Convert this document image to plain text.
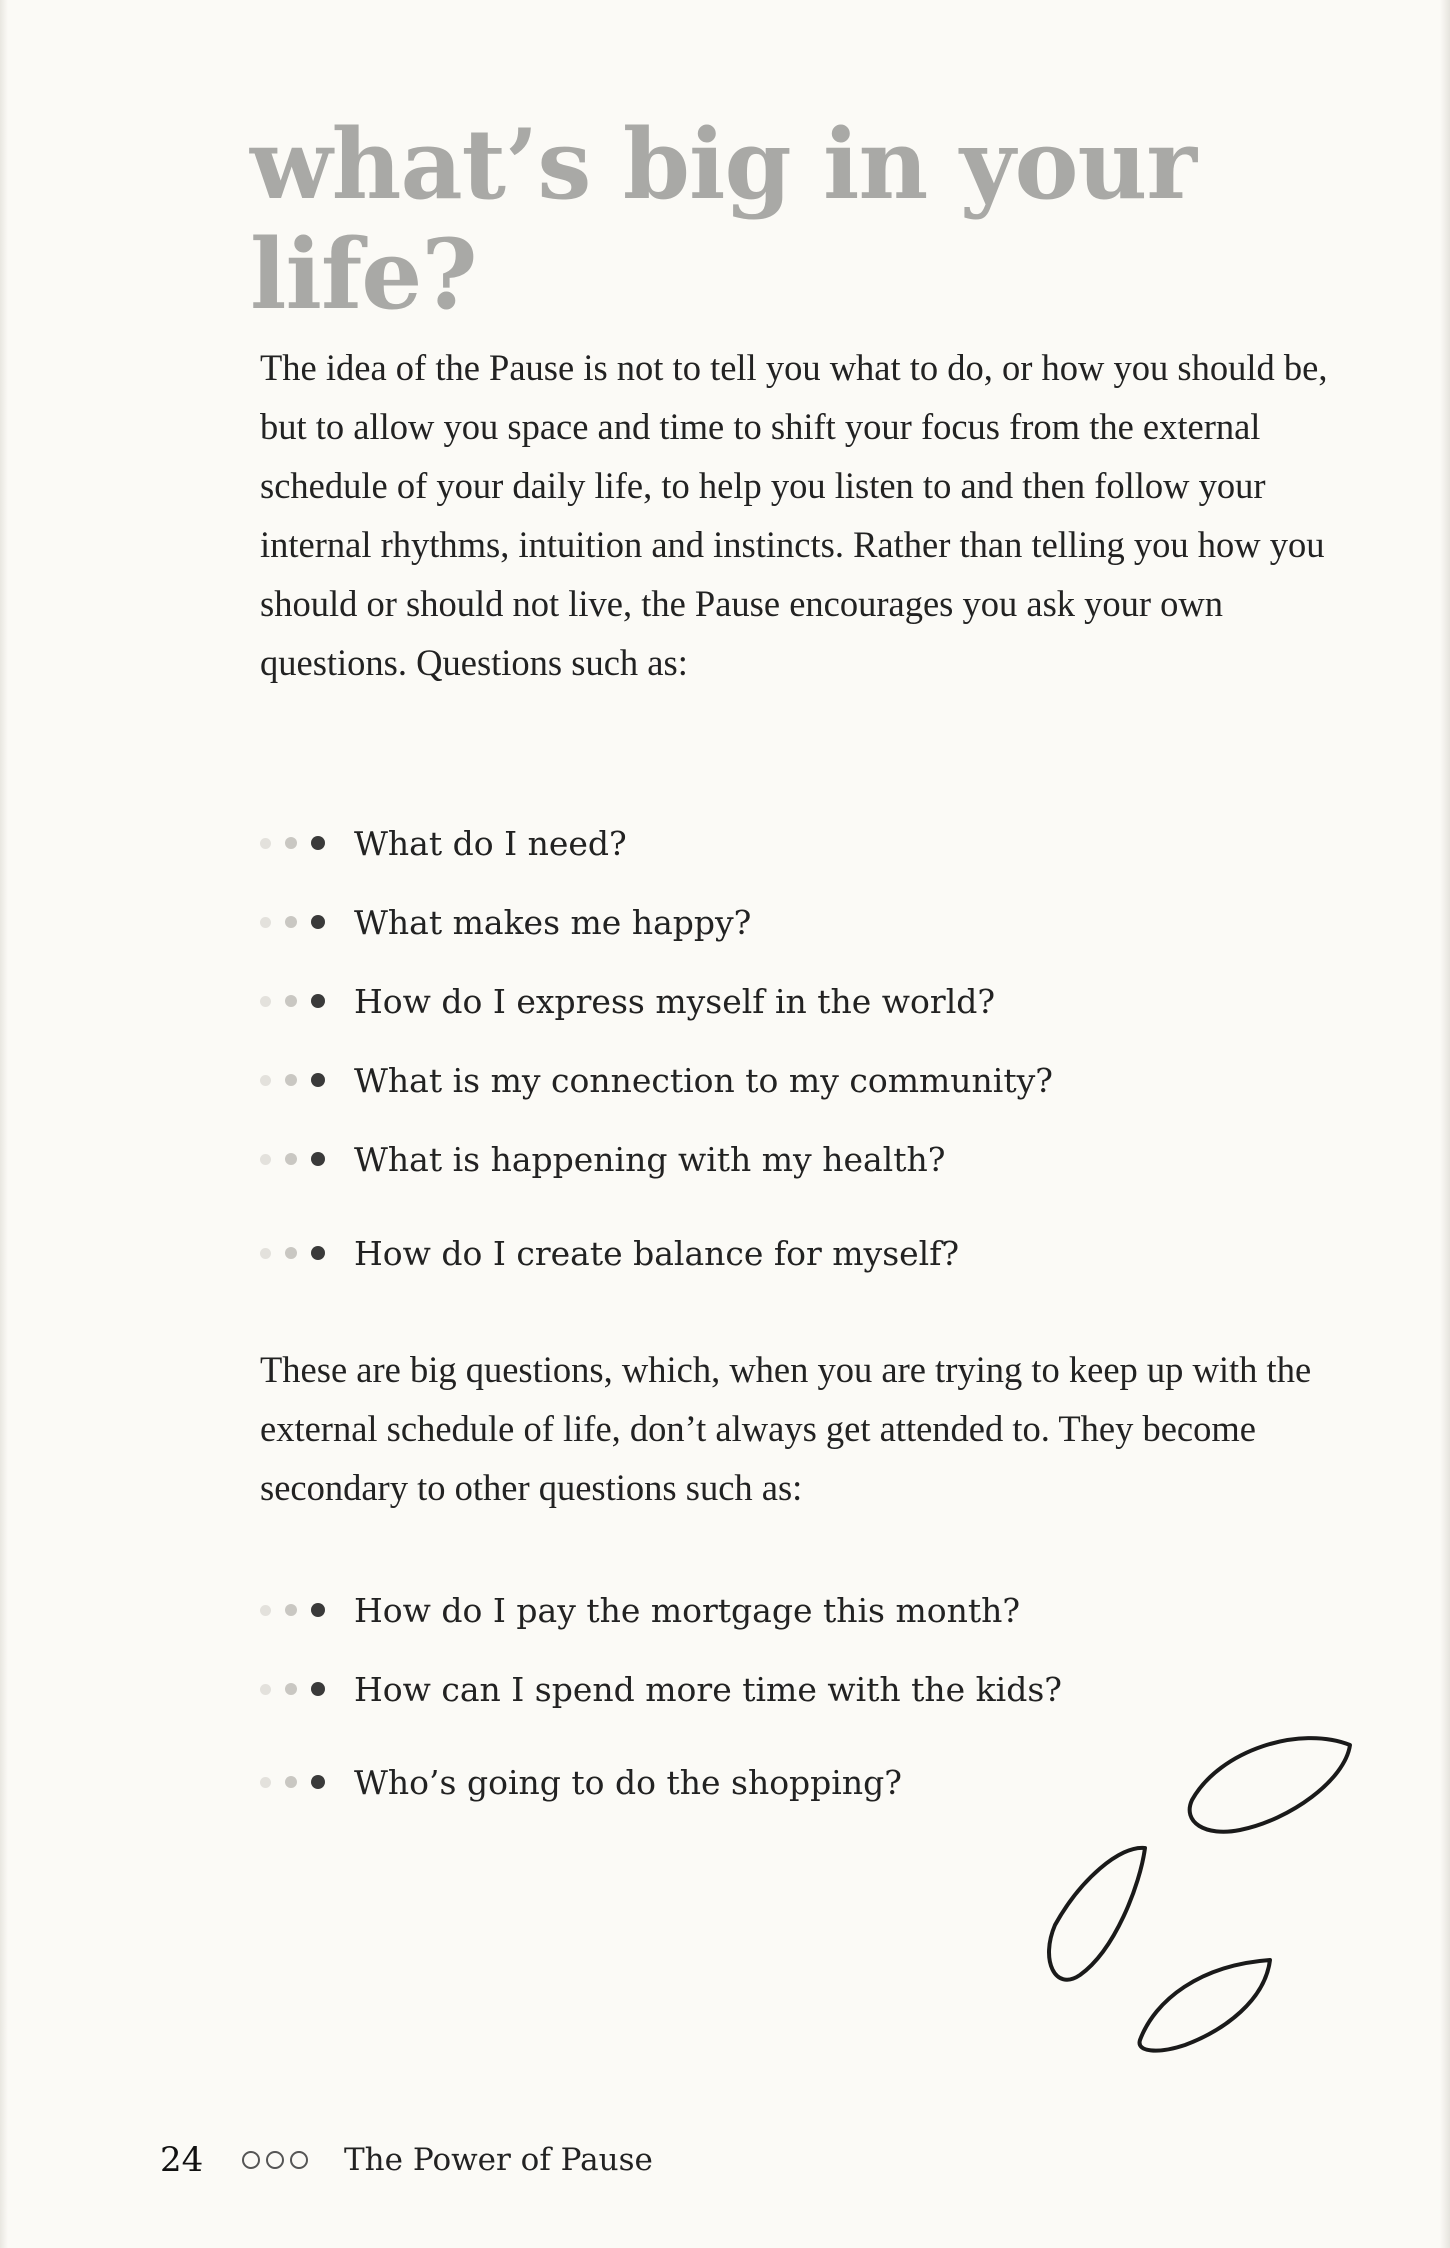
what’s big in your life?

The idea of the Pause is not to tell you what to do, or how you should be, but to allow you space and time to shift your focus from the external schedule of your daily life, to help you listen to and then follow your internal rhythms, intuition and instincts. Rather than telling you how you should or should not live, the Pause encourages you ask your own questions. Questions such as:

What do I need?
What makes me happy?
How do I express myself in the world?
What is my connection to my community?
What is happening with my health?
How do I create balance for myself?

These are big questions, which, when you are trying to keep up with the external schedule of life, don’t always get attended to. They become secondary to other questions such as:

How do I pay the mortgage this month?
How can I spend more time with the kids?
Who’s going to do the shopping?
24	The Power of Pause
